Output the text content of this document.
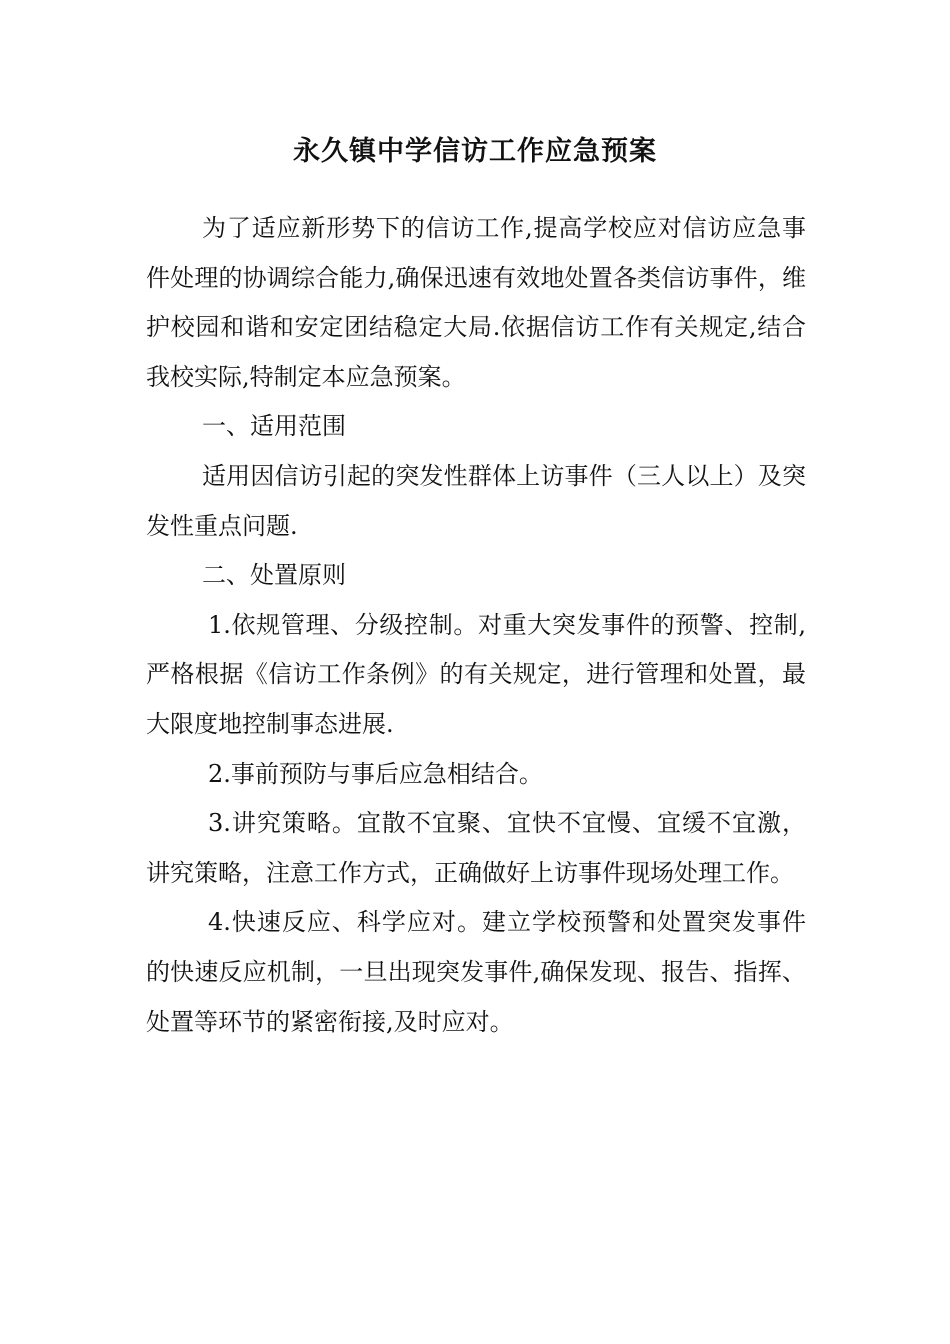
永久镇中学信访工作应急预案

为了适应新形势下的信访工作,提高学校应对信访应急事件处理的协调综合能力,确保迅速有效地处置各类信访事件，维护校园和谐和安定团结稳定大局.依据信访工作有关规定,结合我校实际,特制定本应急预案。

一、适用范围

适用因信访引起的突发性群体上访事件（三人以上）及突发性重点问题.

二、处置原则

1.依规管理、分级控制。对重大突发事件的预警、控制,严格根据《信访工作条例》的有关规定，进行管理和处置，最大限度地控制事态进展.

2.事前预防与事后应急相结合。

3.讲究策略。宜散不宜聚、宜快不宜慢、宜缓不宜激，讲究策略，注意工作方式，正确做好上访事件现场处理工作。

4.快速反应、科学应对。建立学校预警和处置突发事件的快速反应机制，一旦出现突发事件,确保发现、报告、指挥、处置等环节的紧密衔接,及时应对。
